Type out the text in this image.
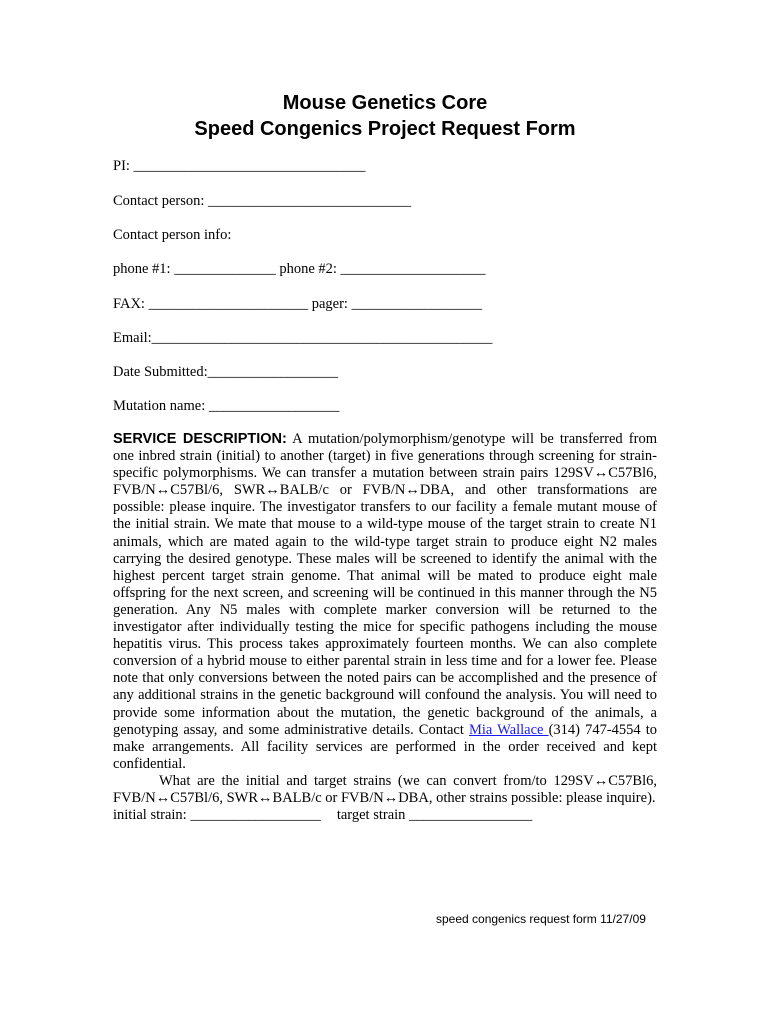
Mouse Genetics Core
Speed Congenics Project Request Form
PI: ________________________________
Contact person: ____________________________
Contact person info:
phone #1: ______________ phone #2: ____________________
FAX: ______________________ pager: __________________
Email:_______________________________________________
Date Submitted:__________________
Mutation name: __________________

SERVICE DESCRIPTION: A mutation/polymorphism/genotype will be transferred from one inbred strain (initial) to another (target) in five generations through screening for strain-specific polymorphisms. We can transfer a mutation between strain pairs 129SV↔C57Bl6, FVB/N↔C57Bl/6, SWR↔BALB/c or FVB/N↔DBA, and other transformations are possible: please inquire. The investigator transfers to our facility a female mutant mouse of the initial strain. We mate that mouse to a wild-type mouse of the target strain to create N1 animals, which are mated again to the wild-type target strain to produce eight N2 males carrying the desired genotype. These males will be screened to identify the animal with the highest percent target strain genome. That animal will be mated to produce eight male offspring for the next screen, and screening will be continued in this manner through the N5 generation. Any N5 males with complete marker conversion will be returned to the investigator after individually testing the mice for specific pathogens including the mouse hepatitis virus. This process takes approximately fourteen months. We can also complete conversion of a hybrid mouse to either parental strain in less time and for a lower fee. Please note that only conversions between the noted pairs can be accomplished and the presence of any additional strains in the genetic background will confound the analysis. You will need to provide some information about the mutation, the genetic background of the animals, a genotyping assay, and some administrative details. Contact Mia Wallace (314) 747-4554 to make arrangements. All facility services are performed in the order received and kept confidential.

What are the initial and target strains (we can convert from/to 129SV↔C57Bl6, FVB/N↔C57Bl/6, SWR↔BALB/c or FVB/N↔DBA, other strains possible: please inquire).

initial strain: __________________ target strain _________________

speed congenics request form 11/27/09
